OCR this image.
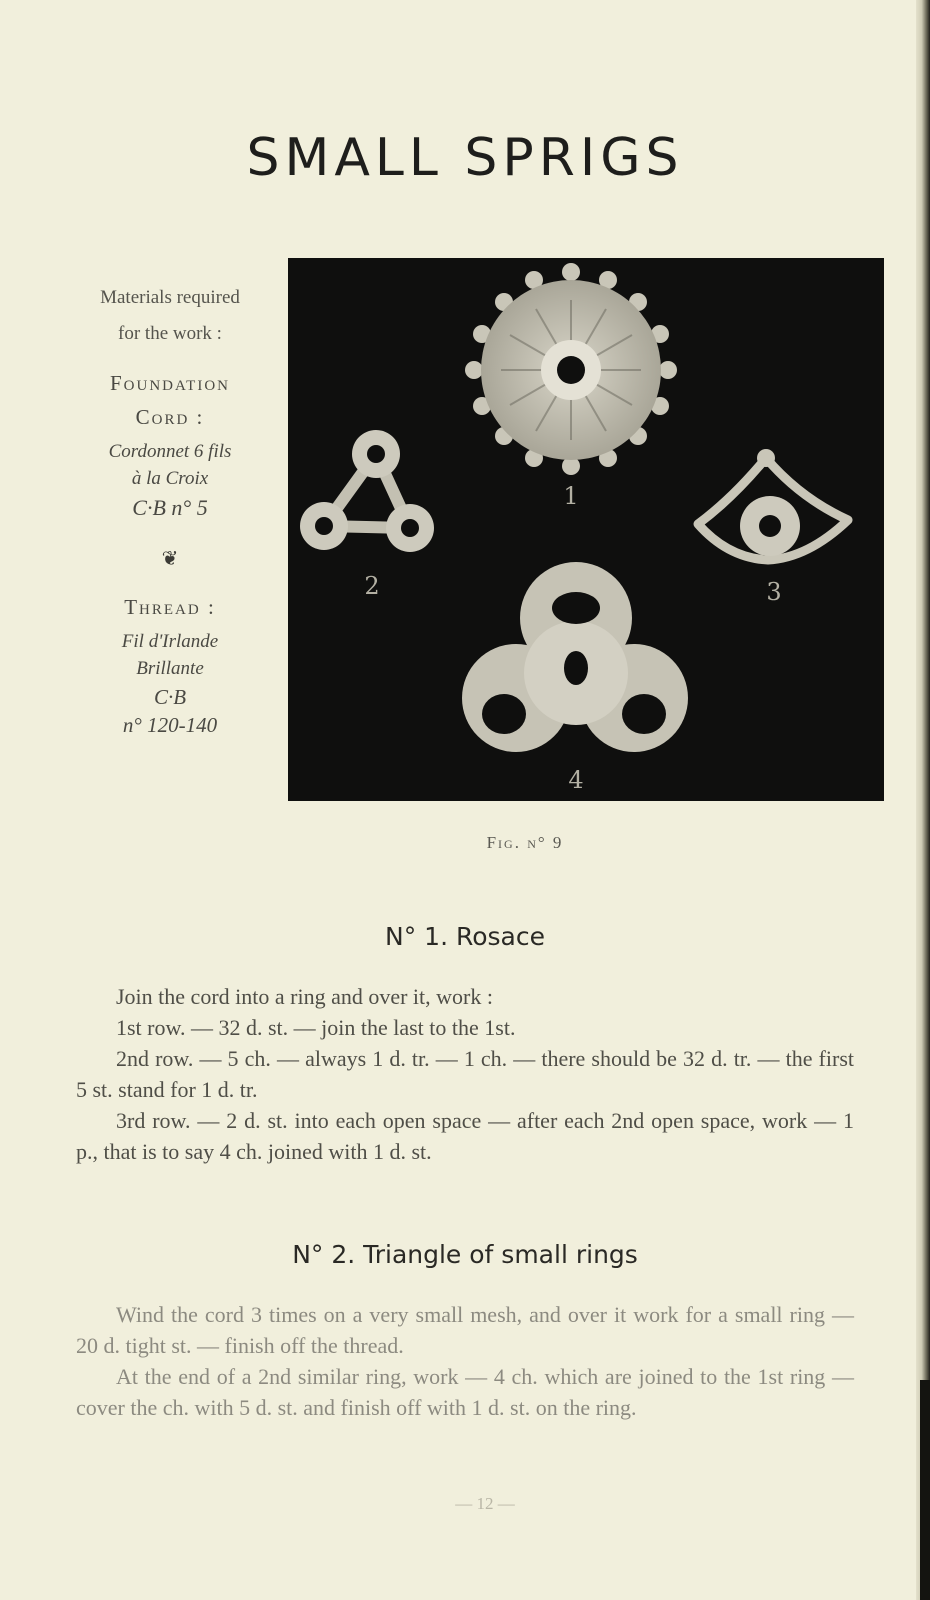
SMALL SPRIGS
Materials required
for the work :
Foundation
Cord :
Cordonnet 6 fils
à la Croix
C·B n° 5
❦
Thread :
Fil d'Irlande
Brillante
C·B
n° 120-140
1
2	3
4
Fig. n° 9
N° 1. Rosace

Join the cord into a ring and over it, work :

1st row. — 32 d. st. — join the last to the 1st.

2nd row. — 5 ch. — always 1 d. tr. — 1 ch. — there should be 32 d. tr. — the first 5 st. stand for 1 d. tr.

3rd row. — 2 d. st. into each open space — after each 2nd open space, work — 1 p., that is to say 4 ch. joined with 1 d. st.

N° 2. Triangle of small rings

Wind the cord 3 times on a very small mesh, and over it work for a small ring — 20 d. tight st. — finish off the thread.

At the end of a 2nd similar ring, work — 4 ch. which are joined to the 1st ring — cover the ch. with 5 d. st. and finish off with 1 d. st. on the ring.

— 12 —
